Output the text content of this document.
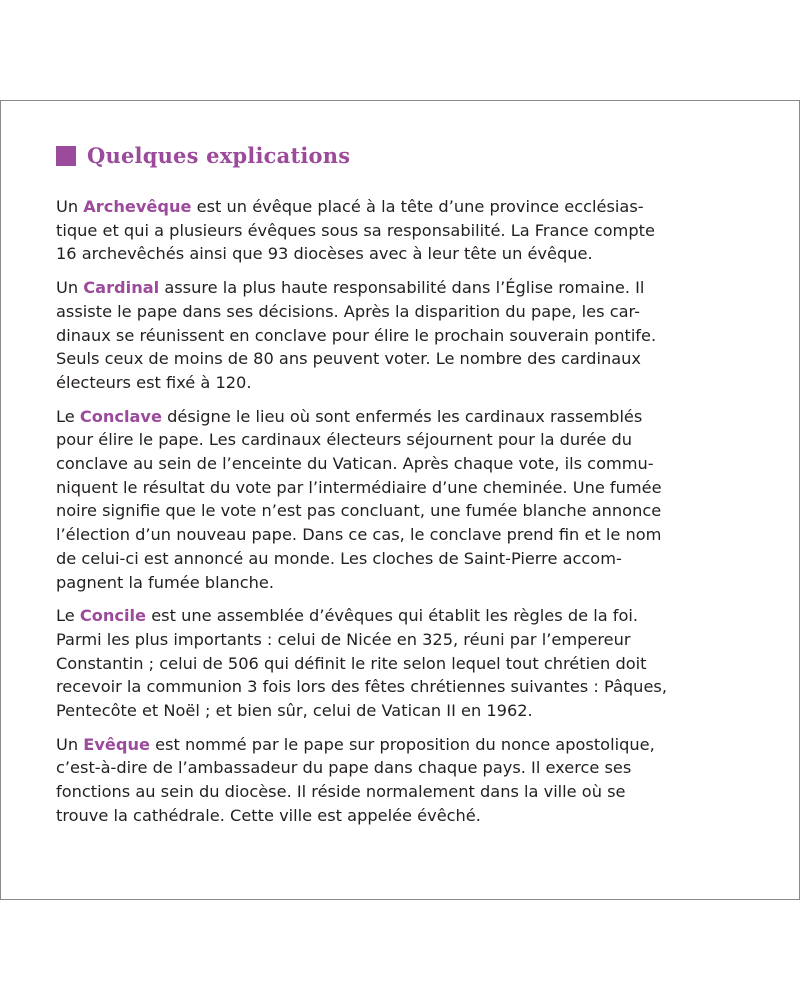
Quelques explications

Un Archevêque est un évêque placé à la tête d’une province ecclésias-
tique et qui a plusieurs évêques sous sa responsabilité. La France compte
16 archevêchés ainsi que 93 diocèses avec à leur tête un évêque.

Un Cardinal assure la plus haute responsabilité dans l’Église romaine. Il
assiste le pape dans ses décisions. Après la disparition du pape, les car-
dinaux se réunissent en conclave pour élire le prochain souverain pontife.
Seuls ceux de moins de 80 ans peuvent voter. Le nombre des cardinaux
électeurs est fixé à 120.

Le Conclave désigne le lieu où sont enfermés les cardinaux rassemblés
pour élire le pape. Les cardinaux électeurs séjournent pour la durée du
conclave au sein de l’enceinte du Vatican. Après chaque vote, ils commu-
niquent le résultat du vote par l’intermédiaire d’une cheminée. Une fumée
noire signifie que le vote n’est pas concluant, une fumée blanche annonce
l’élection d’un nouveau pape. Dans ce cas, le conclave prend fin et le nom
de celui-ci est annoncé au monde. Les cloches de Saint-Pierre accom-
pagnent la fumée blanche.

Le Concile est une assemblée d’évêques qui établit les règles de la foi.
Parmi les plus importants : celui de Nicée en 325, réuni par l’empereur
Constantin ; celui de 506 qui définit le rite selon lequel tout chrétien doit
recevoir la communion 3 fois lors des fêtes chrétiennes suivantes : Pâques,
Pentecôte et Noël ; et bien sûr, celui de Vatican II en 1962.

Un Evêque est nommé par le pape sur proposition du nonce apostolique,
c’est-à-dire de l’ambassadeur du pape dans chaque pays. Il exerce ses
fonctions au sein du diocèse. Il réside normalement dans la ville où se
trouve la cathédrale. Cette ville est appelée évêché.
